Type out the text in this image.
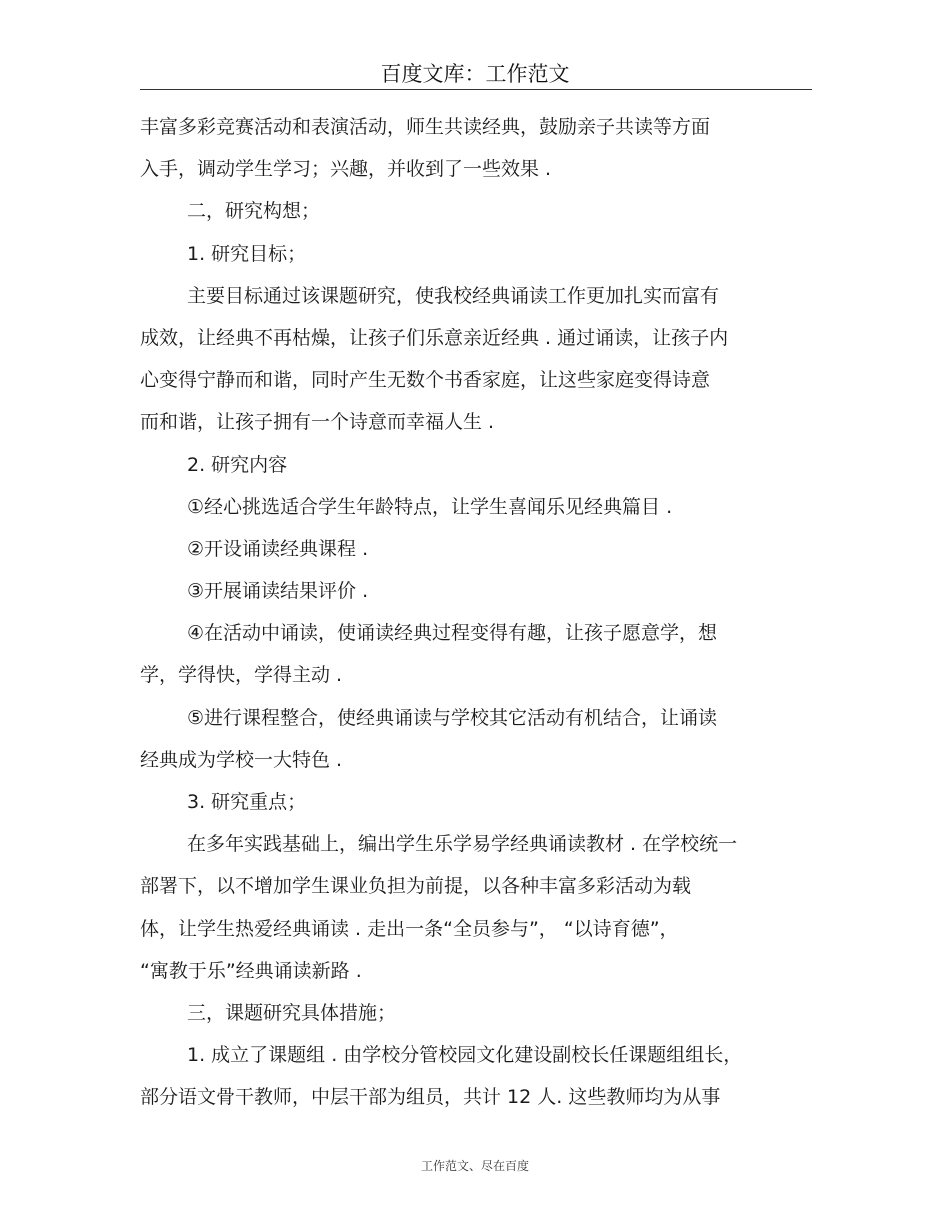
百度文库：工作范文
丰富多彩竞赛活动和表演活动，师生共读经典，鼓励亲子共读等方面
入手，调动学生学习；兴趣，并收到了一些效果 .
二，研究构想；
1. 研究目标；
主要目标通过该课题研究，使我校经典诵读工作更加扎实而富有
成效，让经典不再枯燥，让孩子们乐意亲近经典 . 通过诵读，让孩子内
心变得宁静而和谐，同时产生无数个书香家庭，让这些家庭变得诗意
而和谐，让孩子拥有一个诗意而幸福人生 .
2. 研究内容
①经心挑选适合学生年龄特点，让学生喜闻乐见经典篇目 .
②开设诵读经典课程 .
③开展诵读结果评价 .
④在活动中诵读，使诵读经典过程变得有趣，让孩子愿意学，想
学，学得快，学得主动 .
⑤进行课程整合，使经典诵读与学校其它活动有机结合，让诵读
经典成为学校一大特色 .
3. 研究重点；
在多年实践基础上，编出学生乐学易学经典诵读教材 . 在学校统一
部署下，以不增加学生课业负担为前提，以各种丰富多彩活动为载
体，让学生热爱经典诵读 . 走出一条“全员参与”， “以诗育德”，
“寓教于乐”经典诵读新路 .
三，课题研究具体措施；
1. 成立了课题组 . 由学校分管校园文化建设副校长任课题组组长，
部分语文骨干教师，中层干部为组员，共计 12 人. 这些教师均为从事
工作范文、尽在百度
